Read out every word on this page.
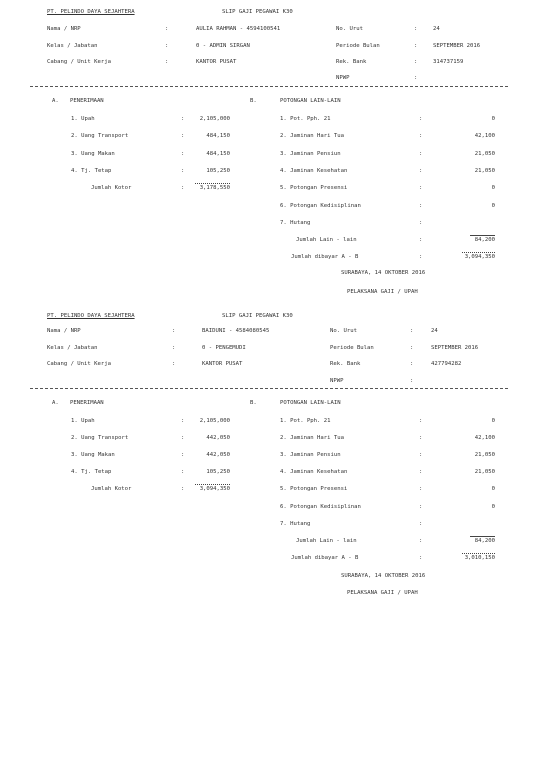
PT. PELINDO DAYA SEJAHTERA	SLIP GAJI PEGAWAI K30
Nama / NRP	:	AULIA RAHMAN - 4594100541	No. Urut	:	24
Kelas / Jabatan	:	0 - ADMIN SIRGAN	Periode Bulan	:	SEPTEMBER 2016
Cabang / Unit Kerja	:	KANTOR PUSAT	Rek. Bank	:	314737159
NPWP	:
A. PENERIMAAN	B.	POTONGAN LAIN-LAIN
1. Upah	:	2,105,000
2. Uang Transport	:	484,150
3. Uang Makan	:	484,150
4. Tj. Tetap	:	105,250
Jumlah Kotor	:	3,178,550
1. Pot. Pph. 21	:	0
2. Jaminan Hari Tua	:	42,100
3. Jaminan Pensiun	:	21,050
4. Jaminan Kesehatan	:	21,050
5. Potongan Presensi	:	0
6. Potongan Kedisiplinan	:	0
7. Hutang	:
Jumlah Lain - lain	:	84,200
Jumlah dibayar A - B	:	3,094,350
SURABAYA, 14 OKTOBER 2016
PELAKSANA GAJI / UPAH
PT. PELINDO DAYA SEJAHTERA	SLIP GAJI PEGAWAI K30
Nama / NRP	:	BAIDUNI - 4584080545	No. Urut	:	24
Kelas / Jabatan	:	0 - PENGEMUDI	Periode Bulan	:	SEPTEMBER 2016
Cabang / Unit Kerja	:	KANTOR PUSAT	Rek. Bank	:	427794282
NPWP	:
A. PENERIMAAN	B.	POTONGAN LAIN-LAIN
1. Upah	:	2,105,000
2. Uang Transport	:	442,050
3. Uang Makan	:	442,050
4. Tj. Tetap	:	105,250
Jumlah Kotor	:	3,094,350
1. Pot. Pph. 21	:	0
2. Jaminan Hari Tua	:	42,100
3. Jaminan Pensiun	:	21,050
4. Jaminan Kesehatan	:	21,050
5. Potongan Presensi	:	0
6. Potongan Kedisiplinan	:	0
7. Hutang	:
Jumlah Lain - lain	:	84,200
Jumlah dibayar A - B	:	3,010,150
SURABAYA, 14 OKTOBER 2016
PELAKSANA GAJI / UPAH
